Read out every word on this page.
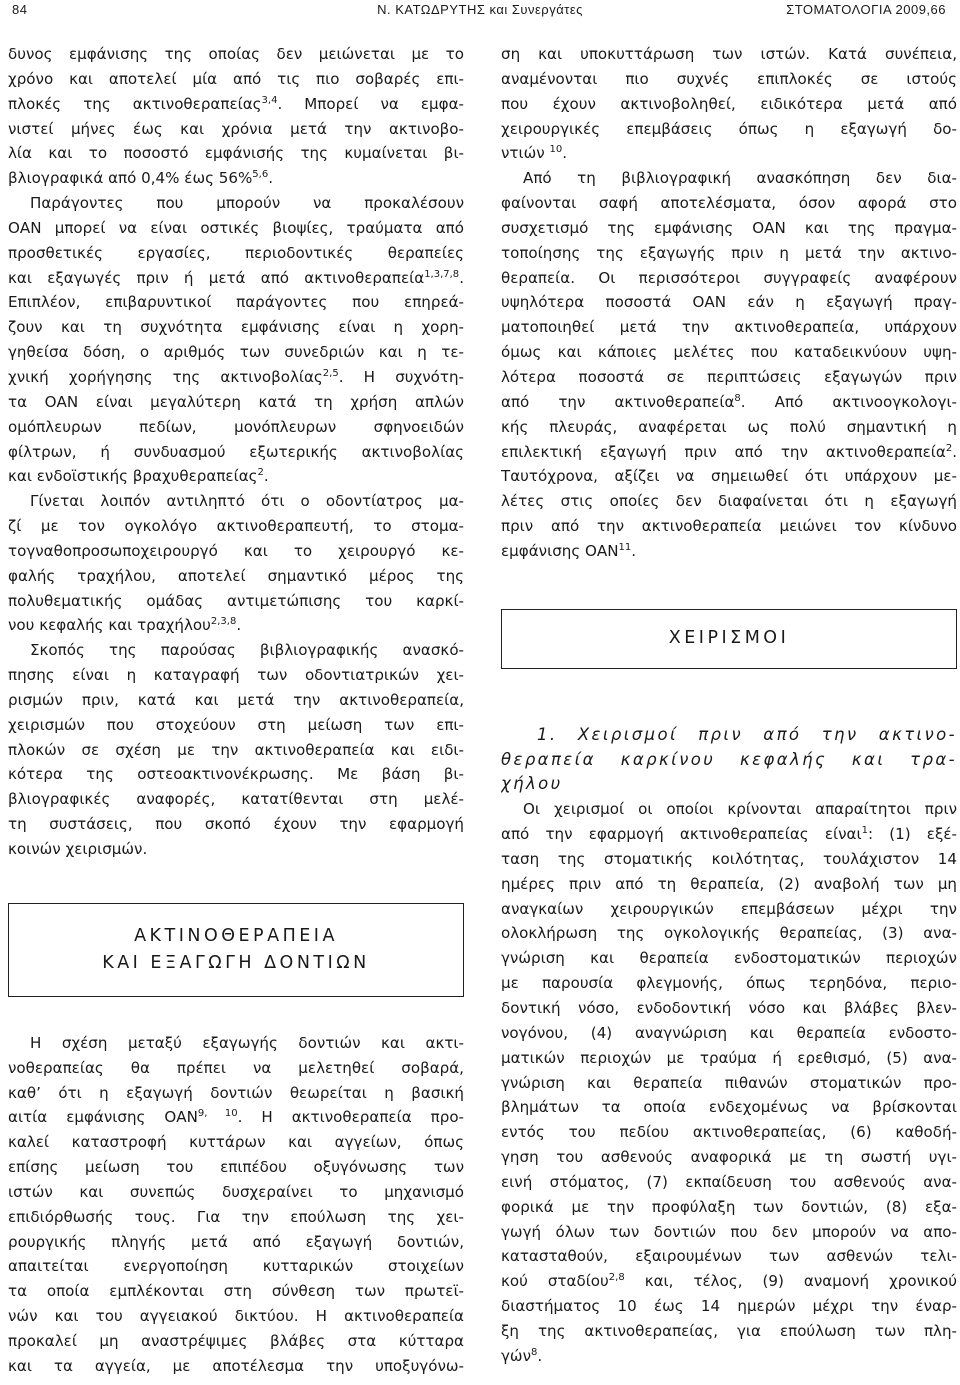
84	Ν. ΚΑΤΩΔΡΥΤΗΣ και Συνεργάτες	ΣΤΟΜΑΤΟΛΟΓΙΑ 2009,66
δυνος εμφάνισης της οποίας δεν μειώνεται με το
χρόνο και αποτελεί μία από τις πιο σοβαρές επι-
πλοκές της ακτινοθεραπείας$^{3,4}$. Μπορεί να εμφα-
νιστεί μήνες έως και χρόνια μετά την ακτινοβο-
λία και το ποσοστό εμφάνισής της κυμαίνεται βι-
βλιογραφικά από 0,4% έως 56%$^{5,6}$.
Παράγοντες που μπορούν να προκαλέσουν
ΟΑΝ μπορεί να είναι οστικές βιοψίες, τραύματα από
προσθετικές εργασίες, περιοδοντικές θεραπείες
και εξαγωγές πριν ή μετά από ακτινοθεραπεία$^{1,3,7,8}$.
Επιπλέον, επιβαρυντικοί παράγοντες που επηρεά-
ζουν και τη συχνότητα εμφάνισης είναι η χορη-
γηθείσα δόση, ο αριθμός των συνεδριών και η τε-
χνική χορήγησης της ακτινοβολίας$^{2,5}$. Η συχνότη-
τα ΟΑΝ είναι μεγαλύτερη κατά τη χρήση απλών
ομόπλευρων πεδίων, μονόπλευρων σφηνοειδών
φίλτρων, ή συνδυασμού εξωτερικής ακτινοβολίας
και ενδοϊστικής βραχυθεραπείας$^2$.
Γίνεται λοιπόν αντιληπτό ότι ο οδοντίατρος μα-
ζί με τον ογκολόγο ακτινοθεραπευτή, το στομα-
τογναθοπροσωποχειρουργό και το χειρουργό κε-
φαλής τραχήλου, αποτελεί σημαντικό μέρος της
πολυθεματικής ομάδας αντιμετώπισης του καρκί-
νου κεφαλής και τραχήλου$^{2,3,8}$.
Σκοπός της παρούσας βιβλιογραφικής ανασκό-
πησης είναι η καταγραφή των οδοντιατρικών χει-
ρισμών πριν, κατά και μετά την ακτινοθεραπεία,
χειρισμών που στοχεύουν στη μείωση των επι-
πλοκών σε σχέση με την ακτινοθεραπεία και ειδι-
κότερα της οστεοακτινονέκρωσης. Με βάση βι-
βλιογραφικές αναφορές, κατατίθενται στη μελέ-
τη συστάσεις, που σκοπό έχουν την εφαρμογή
κοινών χειρισμών.
ΑΚΤΙΝΟΘΕΡΑΠΕΙΑ
ΚΑΙ ΕΞΑΓΩΓΗ ΔΟΝΤΙΩΝ
Η σχέση μεταξύ εξαγωγής δοντιών και ακτι-
νοθεραπείας θα πρέπει να μελετηθεί σοβαρά,
καθ’ ότι η εξαγωγή δοντιών θεωρείται η βασική
αιτία εμφάνισης ΟΑΝ$^{9, 10}$. Η ακτινοθεραπεία προ-
καλεί καταστροφή κυττάρων και αγγείων, όπως
επίσης μείωση του επιπέδου οξυγόνωσης των
ιστών και συνεπώς δυσχεραίνει το μηχανισμό
επιδιόρθωσής τους. Για την επούλωση της χει-
ρουργικής πληγής μετά από εξαγωγή δοντιών,
απαιτείται ενεργοποίηση κυτταρικών στοιχείων
τα οποία εμπλέκονται στη σύνθεση των πρωτεϊ-
νών και του αγγειακού δικτύου. Η ακτινοθεραπεία
προκαλεί μη αναστρέψιμες βλάβες στα κύτταρα
και τα αγγεία, με αποτέλεσμα την υποξυγόνω-
ση και υποκυττάρωση των ιστών. Κατά συνέπεια,
αναμένονται πιο συχνές επιπλοκές σε ιστούς
που έχουν ακτινοβοληθεί, ειδικότερα μετά από
χειρουργικές επεμβάσεις όπως η εξαγωγή δο-
ντιών $^{10}$.
Από τη βιβλιογραφική ανασκόπηση δεν δια-
φαίνονται σαφή αποτελέσματα, όσον αφορά στο
συσχετισμό της εμφάνισης ΟΑΝ και της πραγμα-
τοποίησης της εξαγωγής πριν η μετά την ακτινο-
θεραπεία. Οι περισσότεροι συγγραφείς αναφέρουν
υψηλότερα ποσοστά ΟΑΝ εάν η εξαγωγή πραγ-
ματοποιηθεί μετά την ακτινοθεραπεία, υπάρχουν
όμως και κάποιες μελέτες που καταδεικνύουν υψη-
λότερα ποσοστά σε περιπτώσεις εξαγωγών πριν
από την ακτινοθεραπεία$^8$. Από ακτινοογκολογι-
κής πλευράς, αναφέρεται ως πολύ σημαντική η
επιλεκτική εξαγωγή πριν από την ακτινοθεραπεία$^2$.
Ταυτόχρονα, αξίζει να σημειωθεί ότι υπάρχουν με-
λέτες στις οποίες δεν διαφαίνεται ότι η εξαγωγή
πριν από την ακτινοθεραπεία μειώνει τον κίνδυνο
εμφάνισης ΟΑΝ$^{11}$.
ΧΕΙΡΙΣΜΟΙ
1. Χειρισμοί πριν από την ακτινο-
θεραπεία καρκίνου κεφαλής και τρα-
χήλου
Οι χειρισμοί οι οποίοι κρίνονται απαραίτητοι πριν
από την εφαρμογή ακτινοθεραπείας είναι$^1$: (1) εξέ-
ταση της στοματικής κοιλότητας, τουλάχιστον 14
ημέρες πριν από τη θεραπεία, (2) αναβολή των μη
αναγκαίων χειρουργικών επεμβάσεων μέχρι την
ολοκλήρωση της ογκολογικής θεραπείας, (3) ανα-
γνώριση και θεραπεία ενδοστοματικών περιοχών
με παρουσία φλεγμονής, όπως τερηδόνα, περιο-
δοντική νόσο, ενδοδοντική νόσο και βλάβες βλεν-
νογόνου, (4) αναγνώριση και θεραπεία ενδοστο-
ματικών περιοχών με τραύμα ή ερεθισμό, (5) ανα-
γνώριση και θεραπεία πιθανών στοματικών προ-
βλημάτων τα οποία ενδεχομένως να βρίσκονται
εντός του πεδίου ακτινοθεραπείας, (6) καθοδή-
γηση του ασθενούς αναφορικά με τη σωστή υγι-
εινή στόματος, (7) εκπαίδευση του ασθενούς ανα-
φορικά με την προφύλαξη των δοντιών, (8) εξα-
γωγή όλων των δοντιών που δεν μπορούν να απο-
κατασταθούν, εξαιρουμένων των ασθενών τελι-
κού σταδίου$^{2,8}$ και, τέλος, (9) αναμονή χρονικού
διαστήματος 10 έως 14 ημερών μέχρι την έναρ-
ξη της ακτινοθεραπείας, για επούλωση των πλη-
γών$^8$.
